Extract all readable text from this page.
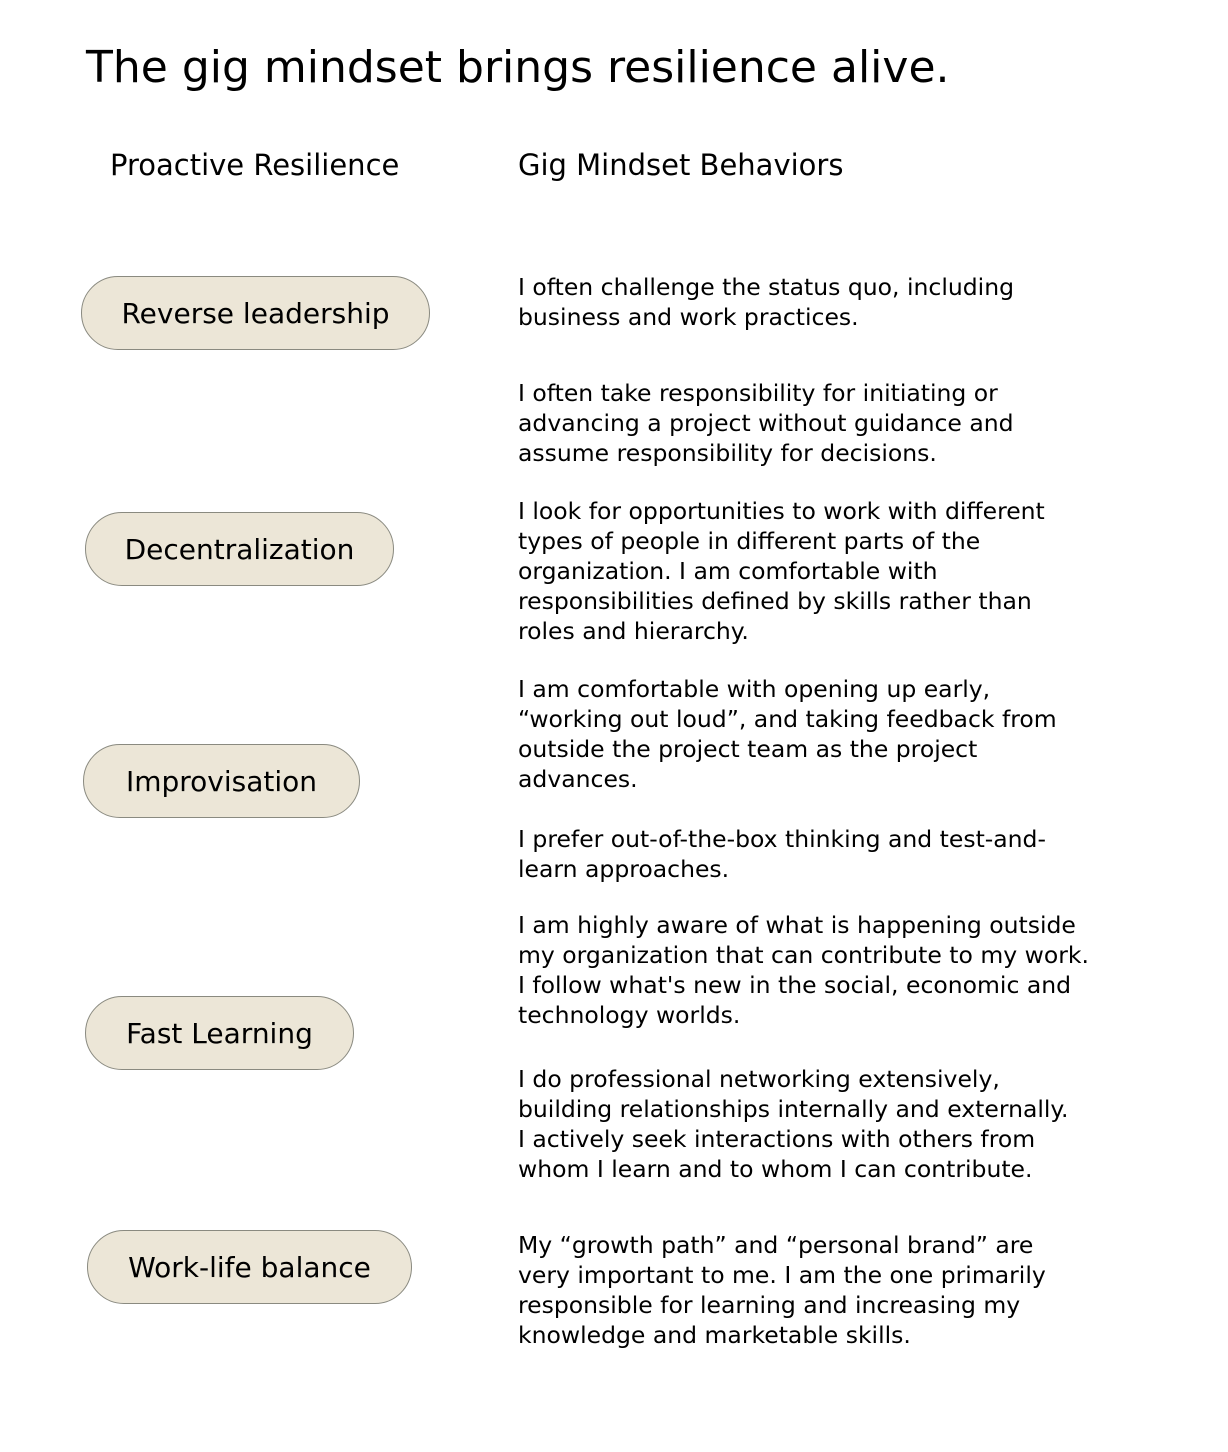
The gig mindset brings resilience alive.
Proactive Resilience	Gig Mindset Behaviors
Reverse leadership
Decentralization
Improvisation
Fast Learning
Work-life balance
I often challenge the status quo, including
business and work practices.
I often take responsibility for initiating or
advancing a project without guidance and
assume responsibility for decisions.
I look for opportunities to work with different
types of people in different parts of the
organization. I am comfortable with
responsibilities defined by skills rather than
roles and hierarchy.
I am comfortable with opening up early,
“working out loud”, and taking feedback from
outside the project team as the project
advances.
I prefer out-of-the-box thinking and test-and-
learn approaches.
I am highly aware of what is happening outside
my organization that can contribute to my work.
I follow what's new in the social, economic and
technology worlds.
I do professional networking extensively,
building relationships internally and externally.
I actively seek interactions with others from
whom I learn and to whom I can contribute.
My “growth path” and “personal brand” are
very important to me. I am the one primarily
responsible for learning and increasing my
knowledge and marketable skills.
